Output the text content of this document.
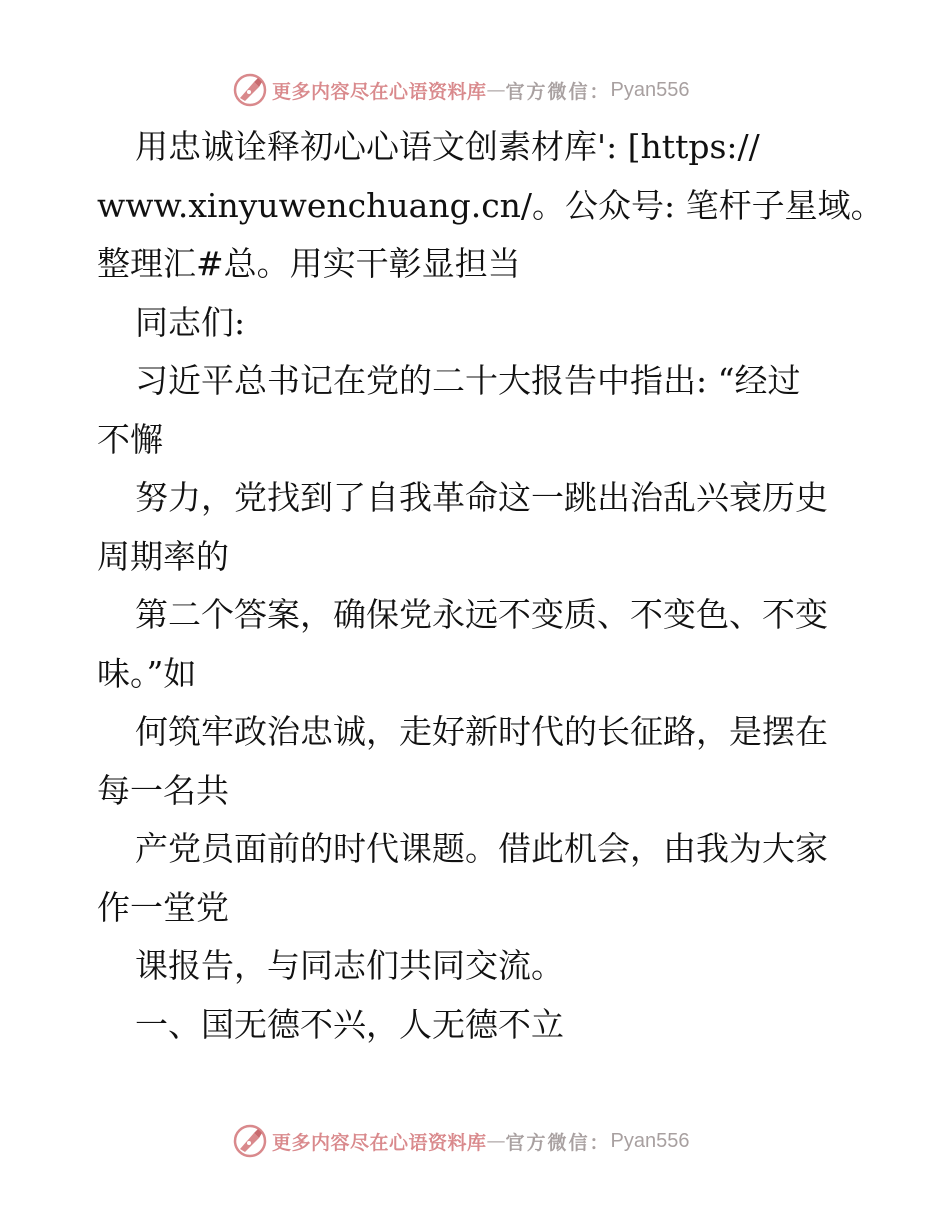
更多内容尽在心语资料库 — 官方微信： Pyan556
用忠诚诠释初心心语文创素材库': [https://
www.xinyuwenchuang.cn/。公众号: 笔杆子星域。
整理汇#总。用实干彰显担当
同志们:
习近平总书记在党的二十大报告中指出: “经过
不懈
努力，党找到了自我革命这一跳出治乱兴衰历史
周期率的
第二个答案，确保党永远不变质、不变色、不变
味。”如
何筑牢政治忠诚，走好新时代的长征路，是摆在
每一名共
产党员面前的时代课题。借此机会，由我为大家
作一堂党
课报告，与同志们共同交流。
一、国无德不兴，人无德不立
更多内容尽在心语资料库 — 官方微信： Pyan556
